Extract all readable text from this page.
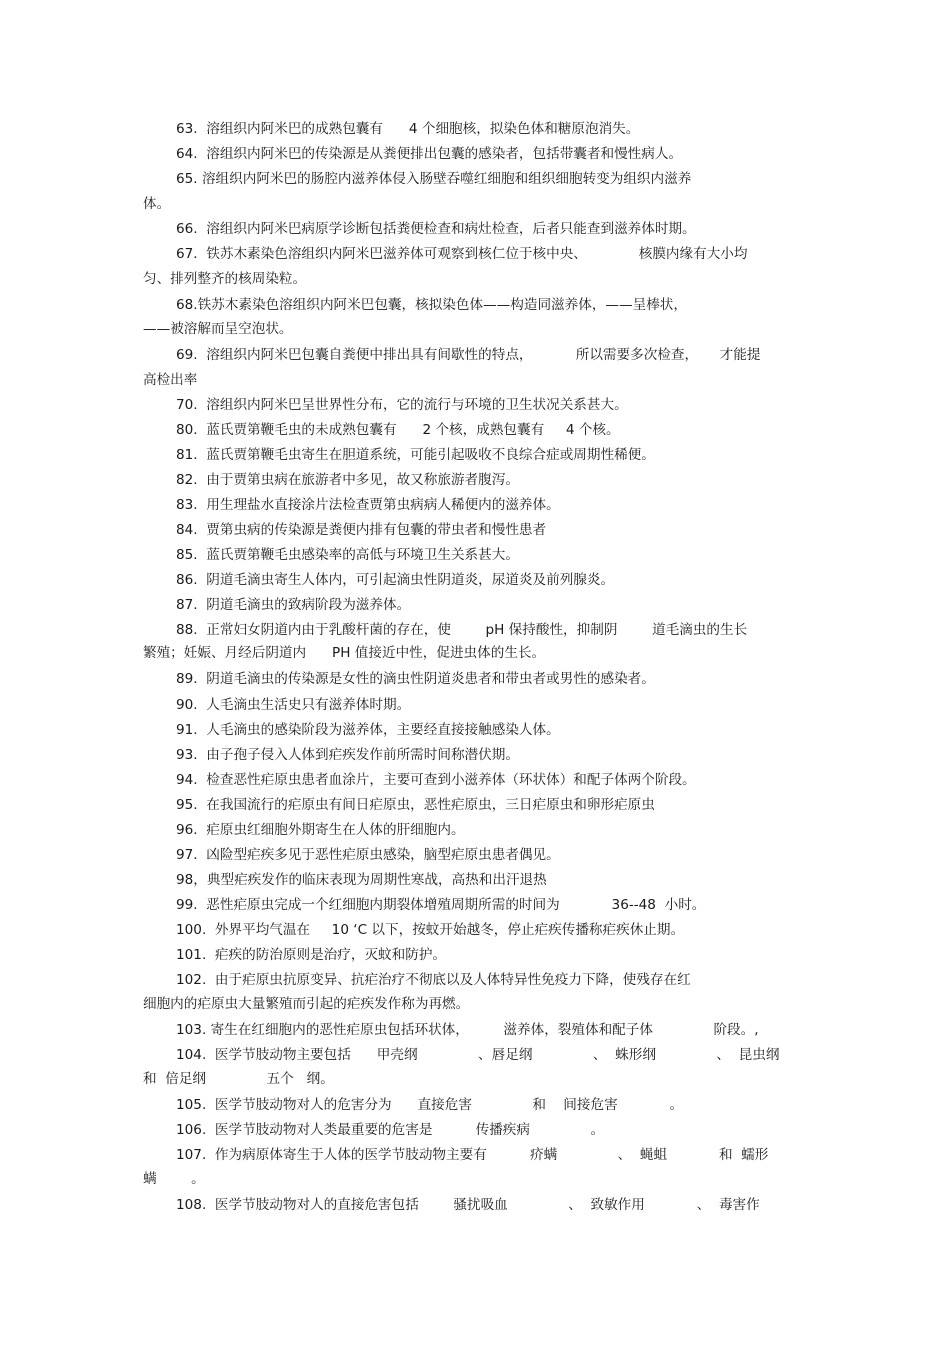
63.  溶组织内阿米巴的成熟包囊有      4 个细胞核，拟染色体和糖原泡消失。
64.  溶组织内阿米巴的传染源是从粪便排出包囊的感染者，包括带囊者和慢性病人。
65. 溶组织内阿米巴的肠腔内滋养体侵入肠壁吞噬红细胞和组织细胞转变为组织内滋养
体。
66.  溶组织内阿米巴病原学诊断包括粪便检查和病灶检查，后者只能查到滋养体时期。
67.  铁苏木素染色溶组织内阿米巴滋养体可观察到核仁位于核中央、            核膜内缘有大小均
匀、排列整齐的核周染粒。
68.铁苏木素染色溶组织内阿米巴包囊，核拟染色体——构造同滋养体，——呈棒状，
——被溶解而呈空泡状。
69.  溶组织内阿米巴包囊自粪便中排出具有间歇性的特点，          所以需要多次检查，     才能提
高检出率
70.  溶组织内阿米巴呈世界性分布，它的流行与环境的卫生状况关系甚大。
80.  蓝氏贾第鞭毛虫的未成熟包囊有      2 个核，成熟包囊有     4 个核。
81.  蓝氏贾第鞭毛虫寄生在胆道系统，可能引起吸收不良综合症或周期性稀便。
82.  由于贾第虫病在旅游者中多见，故又称旅游者腹泻。
83.  用生理盐水直接涂片法检查贾第虫病病人稀便内的滋养体。
84.  贾第虫病的传染源是粪便内排有包囊的带虫者和慢性患者
85.  蓝氏贾第鞭毛虫感染率的高低与环境卫生关系甚大。
86.  阴道毛滴虫寄生人体内，可引起滴虫性阴道炎，尿道炎及前列腺炎。
87.  阴道毛滴虫的致病阶段为滋养体。
88.  正常妇女阴道内由于乳酸杆菌的存在，使        pH 保持酸性，抑制阴        道毛滴虫的生长
繁殖；妊娠、月经后阴道内      PH 值接近中性，促进虫体的生长。
89.  阴道毛滴虫的传染源是女性的滴虫性阴道炎患者和带虫者或男性的感染者。
90.  人毛滴虫生活史只有滋养体时期。
91.  人毛滴虫的感染阶段为滋养体，主要经直接接触感染人体。
93.  由子孢子侵入人体到疟疾发作前所需时间称潜伏期。
94.  检查恶性疟原虫患者血涂片，主要可查到小滋养体（环状体）和配子体两个阶段。
95.  在我国流行的疟原虫有间日疟原虫，恶性疟原虫，三日疟原虫和卵形疟原虫
96.  疟原虫红细胞外期寄生在人体的肝细胞内。
97.  凶险型疟疾多见于恶性疟原虫感染，脑型疟原虫患者偶见。
98，典型疟疾发作的临床表现为周期性寒战，高热和出汗退热
99.  恶性疟原虫完成一个红细胞内期裂体增殖周期所需的时间为            36--48  小时。
100.  外界平均气温在     10 ‘C 以下，按蚊开始越冬，停止疟疾传播称疟疾休止期。
101.  疟疾的防治原则是治疗，灭蚊和防护。
102.  由于疟原虫抗原变异、抗疟治疗不彻底以及人体特异性免疫力下降，使残存在红
细胞内的疟原虫大量繁殖而引起的疟疾发作称为再燃。
103. 寄生在红细胞内的恶性疟原虫包括环状体，        滋养体，裂殖体和配子体              阶段。,
104.  医学节肢动物主要包括      甲壳纲              、唇足纲              、  蛛形纲              、  昆虫纲
和  倍足纲              五个   纲。
105.  医学节肢动物对人的危害分为      直接危害              和    间接危害            。
106.  医学节肢动物对人类最重要的危害是          传播疾病              。
107.  作为病原体寄生于人体的医学节肢动物主要有          疥螨              、  蝇蛆            和  蠕形
螨        。
108.  医学节肢动物对人的直接危害包括        骚扰吸血              、  致敏作用            、  毒害作
